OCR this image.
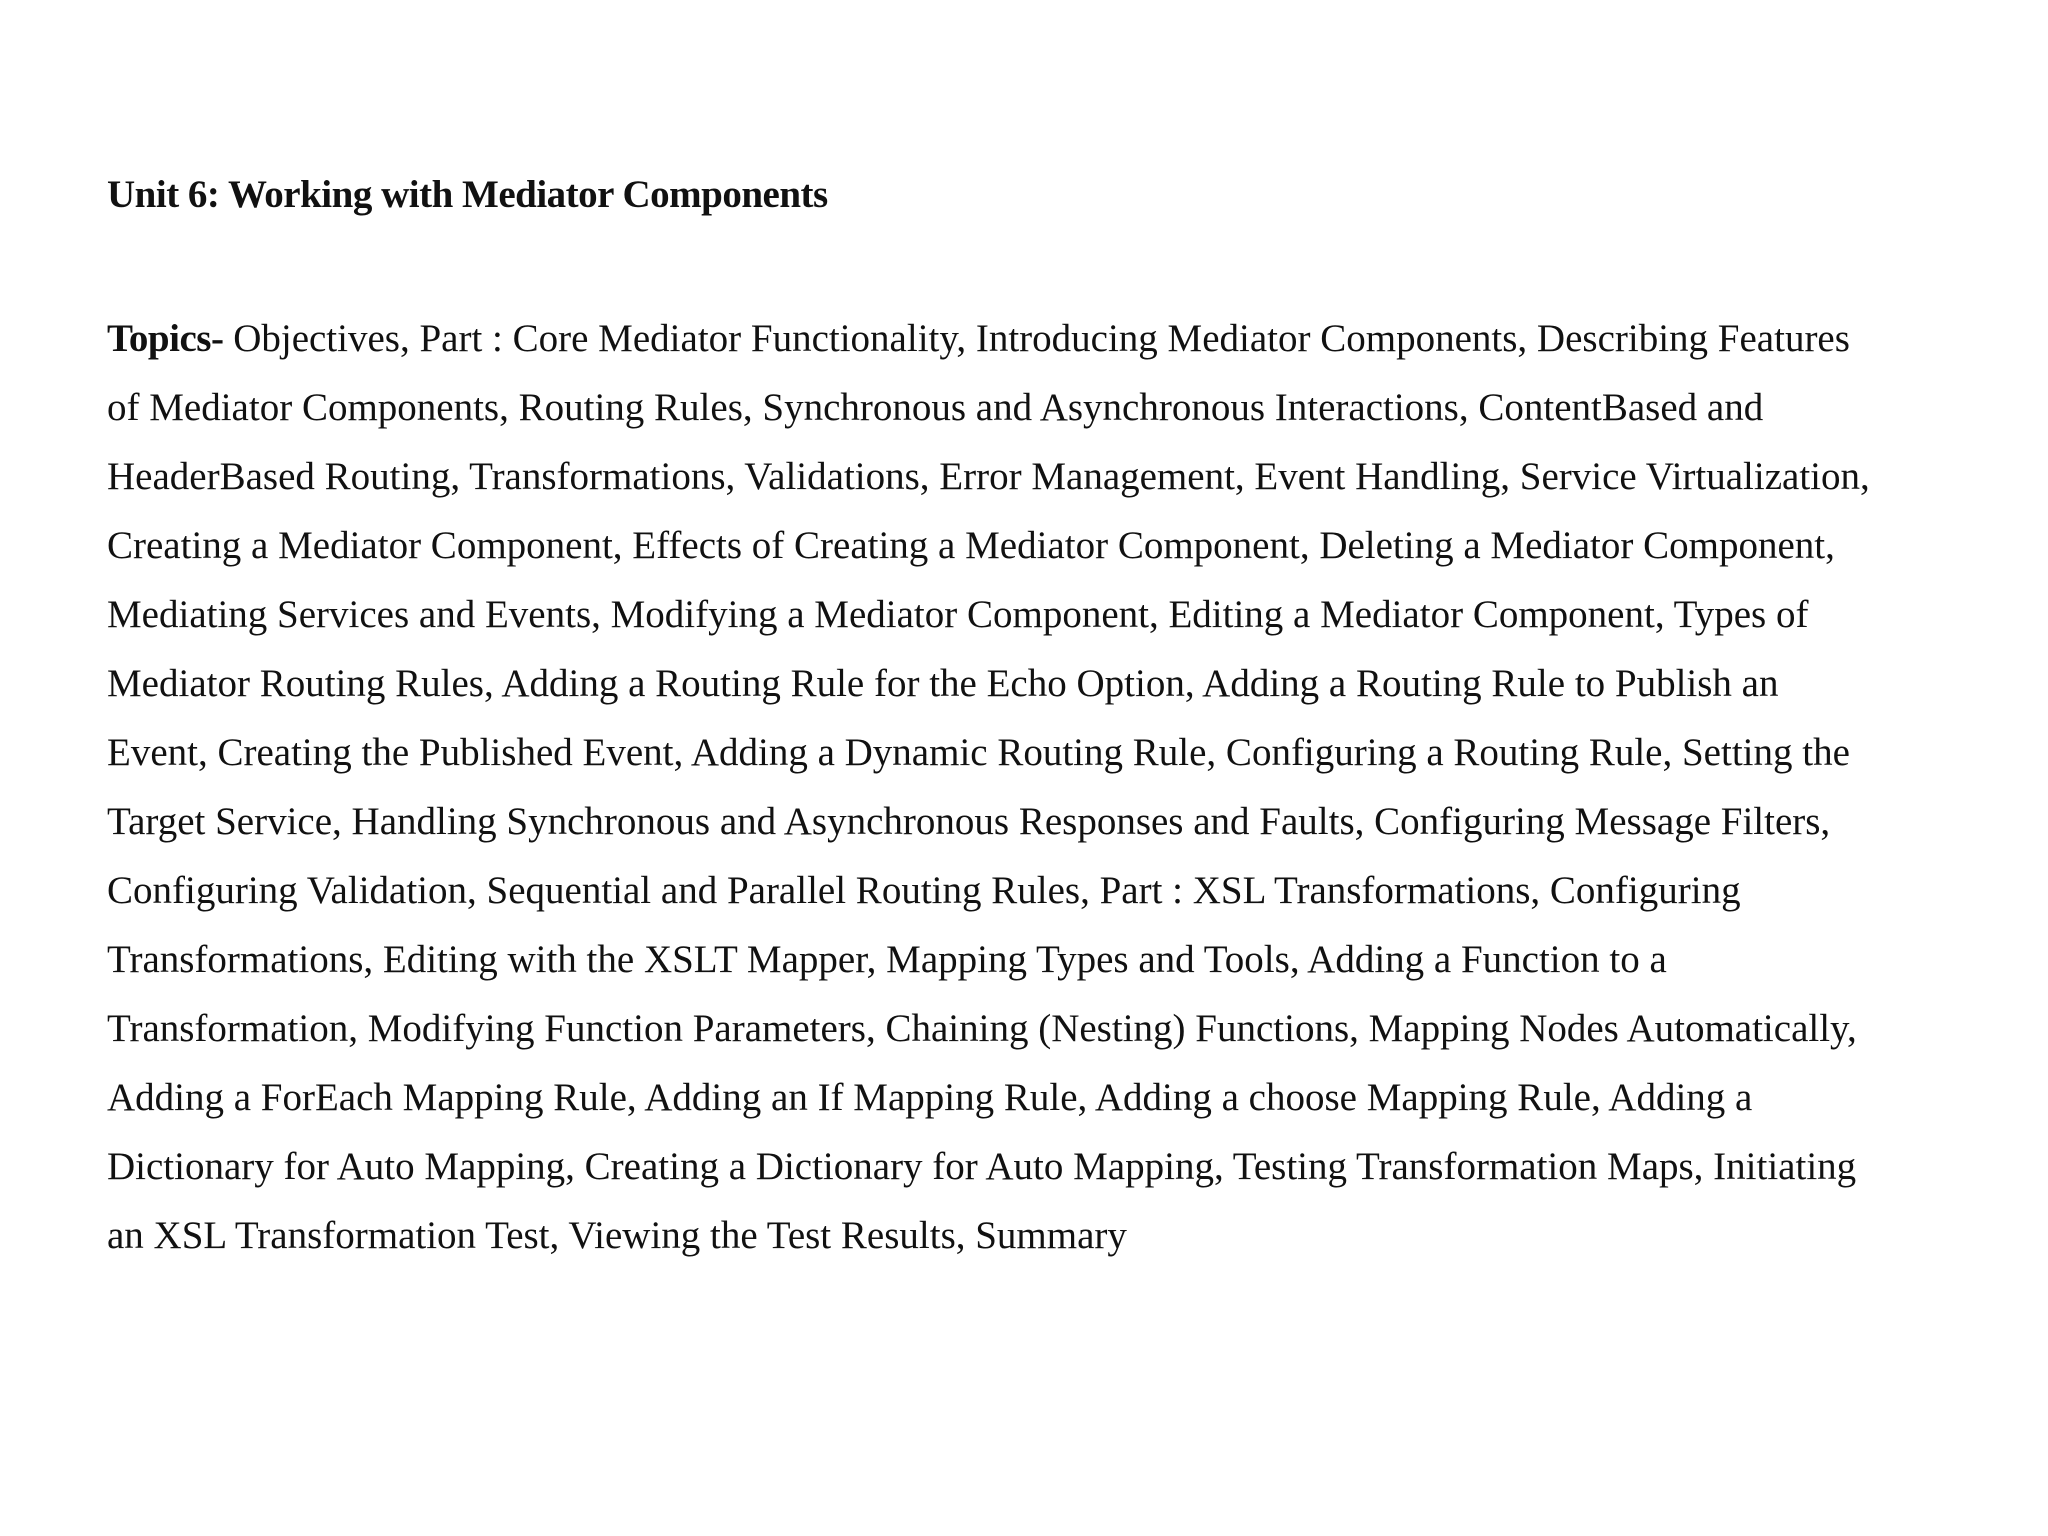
Unit 6: Working with Mediator Components

Topics- Objectives, Part : Core Mediator Functionality, Introducing Mediator Components, Describing Features
of Mediator Components, Routing Rules, Synchronous and Asynchronous Interactions, ContentBased and
HeaderBased Routing, Transformations, Validations, Error Management, Event Handling, Service Virtualization,
Creating a Mediator Component, Effects of Creating a Mediator Component, Deleting a Mediator Component,
Mediating Services and Events, Modifying a Mediator Component, Editing a Mediator Component, Types of
Mediator Routing Rules, Adding a Routing Rule for the Echo Option, Adding a Routing Rule to Publish an
Event, Creating the Published Event, Adding a Dynamic Routing Rule, Configuring a Routing Rule, Setting the
Target Service, Handling Synchronous and Asynchronous Responses and Faults, Configuring Message Filters,
Configuring Validation, Sequential and Parallel Routing Rules, Part : XSL Transformations, Configuring
Transformations, Editing with the XSLT Mapper, Mapping Types and Tools, Adding a Function to a
Transformation, Modifying Function Parameters, Chaining (Nesting) Functions, Mapping Nodes Automatically,
Adding a ForEach Mapping Rule, Adding an If Mapping Rule, Adding a choose Mapping Rule, Adding a
Dictionary for Auto Mapping, Creating a Dictionary for Auto Mapping, Testing Transformation Maps, Initiating
an XSL Transformation Test, Viewing the Test Results, Summary
